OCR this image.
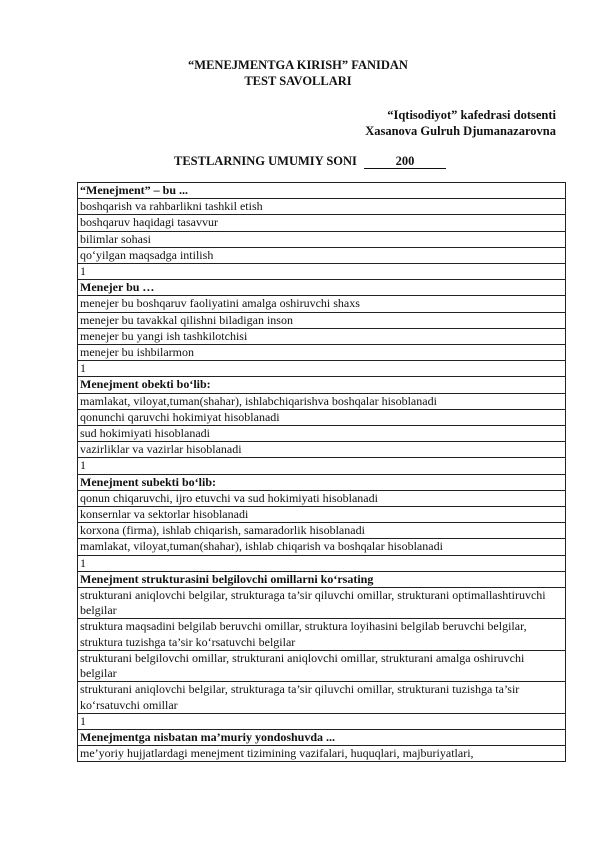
“MENEJMENTGA KIRISH” FANIDAN
TEST SAVOLLARI
“Iqtisodiyot” kafedrasi dotsenti
Xasanova Gulruh Djumanazarovna
TESTLARNING UMUMIY SONI	200
“Menejment” – bu ...
boshqarish va rahbarlikni tashkil etish
boshqaruv haqidagi tasavvur
bilimlar sohasi
qo‘yilgan maqsadga intilish
1
Menejer bu …
menejer bu boshqaruv faoliyatini amalga oshiruvchi shaxs
menejer bu tavakkal qilishni biladigan inson
menejer bu yangi ish tashkilotchisi
menejer bu ishbilarmon
1
Menejment obekti bo‘lib:
mamlakat, viloyat,tuman(shahar), ishlabchiqarishva boshqalar hisoblanadi
qonunchi qaruvchi hokimiyat hisoblanadi
sud hokimiyati hisoblanadi
vazirliklar va vazirlar hisoblanadi
1
Menejment subekti bo‘lib:
qonun chiqaruvchi, ijro etuvchi va sud hokimiyati hisoblanadi
konsernlar va sektorlar hisoblanadi
korxona (firma), ishlab chiqarish, samaradorlik hisoblanadi
mamlakat, viloyat,tuman(shahar), ishlab chiqarish va boshqalar hisoblanadi
1
Menejment strukturasini belgilovchi omillarni ko‘rsating
strukturani aniqlovchi belgilar, strukturaga ta’sir qiluvchi omillar, strukturani optimallashtiruvchi belgilar
struktura maqsadini belgilab beruvchi omillar, struktura loyihasini belgilab beruvchi belgilar, struktura tuzishga ta’sir ko‘rsatuvchi belgilar
strukturani belgilovchi omillar, strukturani aniqlovchi omillar, strukturani amalga oshiruvchi belgilar
strukturani aniqlovchi belgilar, strukturaga ta’sir qiluvchi omillar, strukturani tuzishga ta’sir ko‘rsatuvchi omillar
1
Menejmentga nisbatan ma’muriy yondoshuvda ...
me’yoriy hujjatlardagi menejment tizimining vazifalari, huquqlari, majburiyatlari,
